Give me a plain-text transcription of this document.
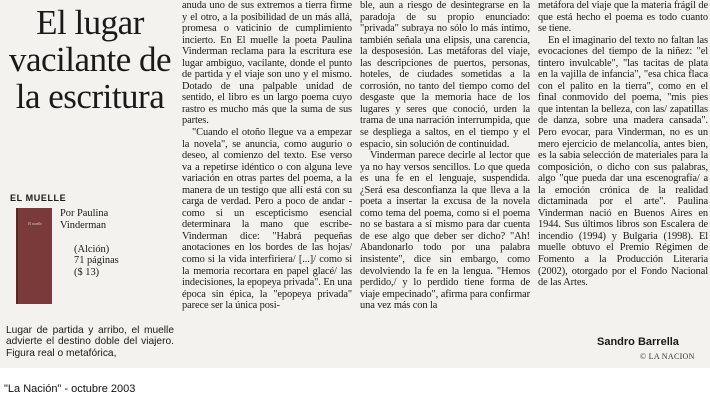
El lugar vacilante de la escritura
EL MUELLE
El muelle
Por Paulina
Vinderman
(Alción)
71 páginas
($ 13)
Lugar de partida y arribo, el muelle advierte el destino doble del viajero. Figura real o metafórica,

anuda uno de sus extremos a tierra firme y el otro, a la posibilidad de un más allá, promesa o vaticinio de cumplimiento incierto. En El muelle la poeta Paulina Vinderman reclama para la escritura ese lugar ambiguo, vacilante, donde el punto de partida y el viaje son uno y el mismo. Dotado de una palpable unidad de sentido, el libro es un largo poema cuyo rastro es mucho más que la suma de sus partes.

"Cuando el otoño llegue va a empezar la novela", se anuncia, como augurio o deseo, al comienzo del texto. Ese verso va a repetirse idéntico o con alguna leve variación en otras partes del poema, a la manera de un testigo que allí está con su carga de verdad. Pero a poco de andar -como si un escepticismo esencial determinara la mano que escribe- Vinderman dice: "Habrá pequeñas anotaciones en los bordes de las hojas/ como si la vida interfiriera/ [...]/ como si la memoria recortara en papel glacé/ las indecisiones, la epopeya privada". En una época sin épica, la "epopeya privada" parece ser la única posi-

ble, aun a riesgo de desintegrarse en la paradoja de su propio enunciado: "privada" subraya no sólo lo más íntimo, también señala una elipsis, una carencia, la desposesión. Las metáforas del viaje, las descripciones de puertos, personas, hoteles, de ciudades sometidas a la corrosión, no tanto del tiempo como del desgaste que la memoria hace de los lugares y seres que conoció, urden la trama de una narración interrumpida, que se despliega a saltos, en el tiempo y el espacio, sin solución de continuidad.

Vinderman parece decirle al lector que ya no hay versos sencillos. Lo que queda es una fe en el lenguaje, suspendida. ¿Será esa desconfianza la que lleva a la poeta a insertar la excusa de la novela como tema del poema, como si el poema no se bastara a sí mismo para dar cuenta de ese algo que deber ser dicho? "Ah! Abandonarlo todo por una palabra insistente", dice sin embargo, como devolviendo la fe en la lengua. "Hemos perdido,/ y lo perdido tiene forma de viaje empecinado", afirma para confirmar una vez más con la

metáfora del viaje que la materia frágil de que está hecho el poema es todo cuanto se tiene.

En el imaginario del texto no faltan las evocaciones del tiempo de la niñez: "el tintero invulcable", "las tacitas de plata en la vajilla de infancia", "esa chica flaca con el palito en la tierra", como en el final conmovido del poema, "mis pies que intentan la belleza, con las/ zapatillas de danza, sobre una madera cansada". Pero evocar, para Vinderman, no es un mero ejercicio de melancolía, antes bien, es la sabia selección de materiales para la composición, o dicho con sus palabras, algo "que pueda dar una escenografía/ a la emoción crónica de la realidad dictaminada por el arte". Paulina Vinderman nació en Buenos Aires en 1944. Sus últimos libros son Escalera de incendio (1994) y Bulgaria (1998). El muelle obtuvo el Premio Régimen de Fomento a la Producción Literaria (2002), otorgado por el Fondo Nacional de las Artes.

Sandro Barrella
© LA NACION
"La Nación" - octubre 2003
